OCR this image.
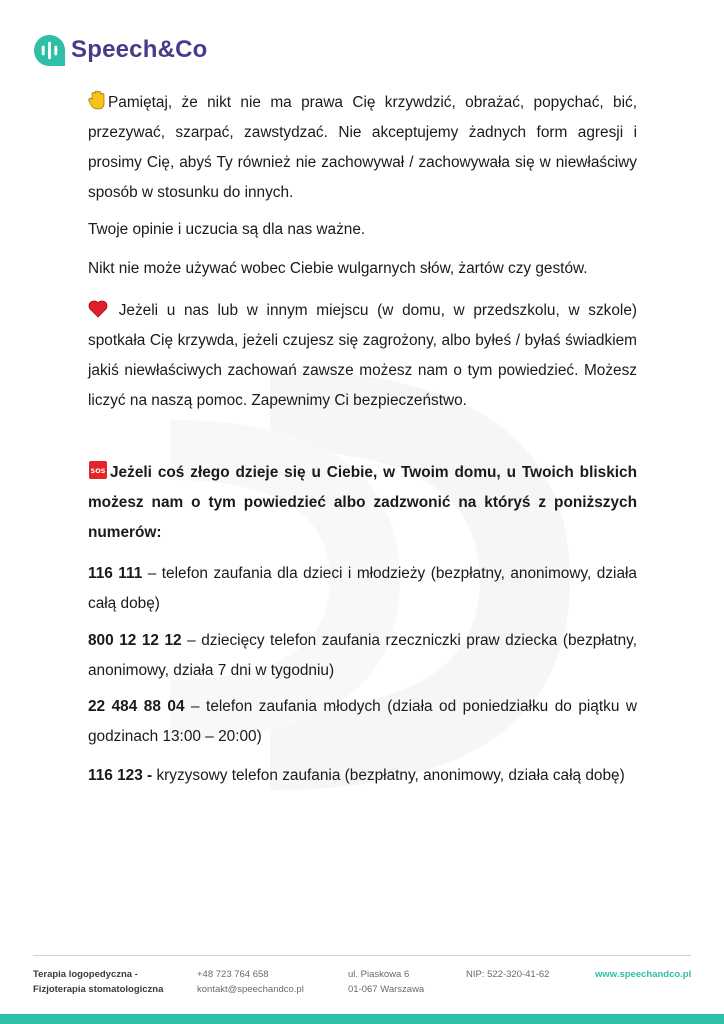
Speech&Co
Pamiętaj, że nikt nie ma prawa Cię krzywdzić, obrażać, popychać, bić, przezywać, szarpać, zawstydzać. Nie akceptujemy żadnych form agresji i prosimy Cię, abyś Ty również nie zachowywał / zachowywała się w niewłaściwy sposób w stosunku do innych.
Twoje opinie i uczucia są dla nas ważne.
Nikt nie może używać wobec Ciebie wulgarnych słów, żartów czy gestów.
Jeżeli u nas lub w innym miejscu (w domu, w przedszkolu, w szkole) spotkała Cię krzywda, jeżeli czujesz się zagrożony, albo byłeś / byłaś świadkiem jakiś niewłaściwych zachowań zawsze możesz nam o tym powiedzieć. Możesz liczyć na naszą pomoc. Zapewnimy Ci bezpieczeństwo.
SOS Jeżeli coś złego dzieje się u Ciebie, w Twoim domu, u Twoich bliskich możesz nam o tym powiedzieć albo zadzwonić na któryś z poniższych numerów:
116 111 – telefon zaufania dla dzieci i młodzieży (bezpłatny, anonimowy, działa całą dobę)
800 12 12 12 – dziecięcy telefon zaufania rzeczniczki praw dziecka (bezpłatny, anonimowy, działa 7 dni w tygodniu)
22 484 88 04 – telefon zaufania młodych (działa od poniedziałku do piątku w godzinach 13:00 – 20:00)
116 123 - kryzysowy telefon zaufania (bezpłatny, anonimowy, działa całą dobę)
Terapia logopedyczna -
Fizjoterapia stomatologiczna
+48 723 764 658
kontakt@speechandco.pl
ul. Piaskowa 6
01-067 Warszawa
NIP: 522-320-41-62	www.speechandco.pl
